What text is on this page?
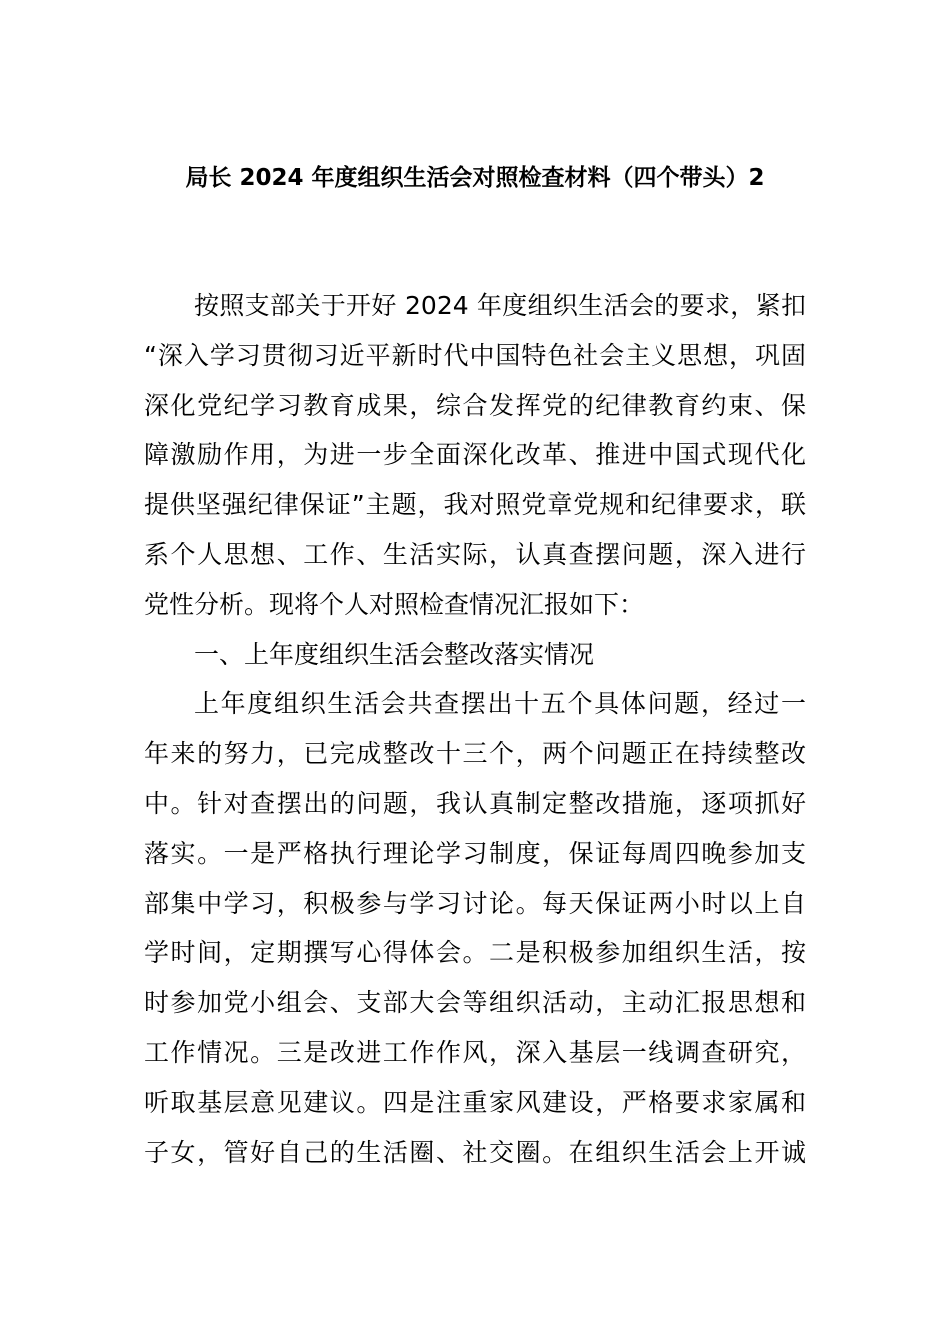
局长 2024 年度组织生活会对照检查材料（四个带头）2
按照支部关于开好 2024 年度组织生活会的要求，紧扣
“深入学习贯彻习近平新时代中国特色社会主义思想，巩固
深化党纪学习教育成果，综合发挥党的纪律教育约束、保
障激励作用，为进一步全面深化改革、推进中国式现代化
提供坚强纪律保证”主题，我对照党章党规和纪律要求，联
系个人思想、工作、生活实际，认真查摆问题，深入进行
党性分析。现将个人对照检查情况汇报如下：
一、上年度组织生活会整改落实情况
上年度组织生活会共查摆出十五个具体问题，经过一
年来的努力，已完成整改十三个，两个问题正在持续整改
中。针对查摆出的问题，我认真制定整改措施，逐项抓好
落实。一是严格执行理论学习制度，保证每周四晚参加支
部集中学习，积极参与学习讨论。每天保证两小时以上自
学时间，定期撰写心得体会。二是积极参加组织生活，按
时参加党小组会、支部大会等组织活动，主动汇报思想和
工作情况。三是改进工作作风，深入基层一线调查研究，
听取基层意见建议。四是注重家风建设，严格要求家属和
子女，管好自己的生活圈、社交圈。在组织生活会上开诚
